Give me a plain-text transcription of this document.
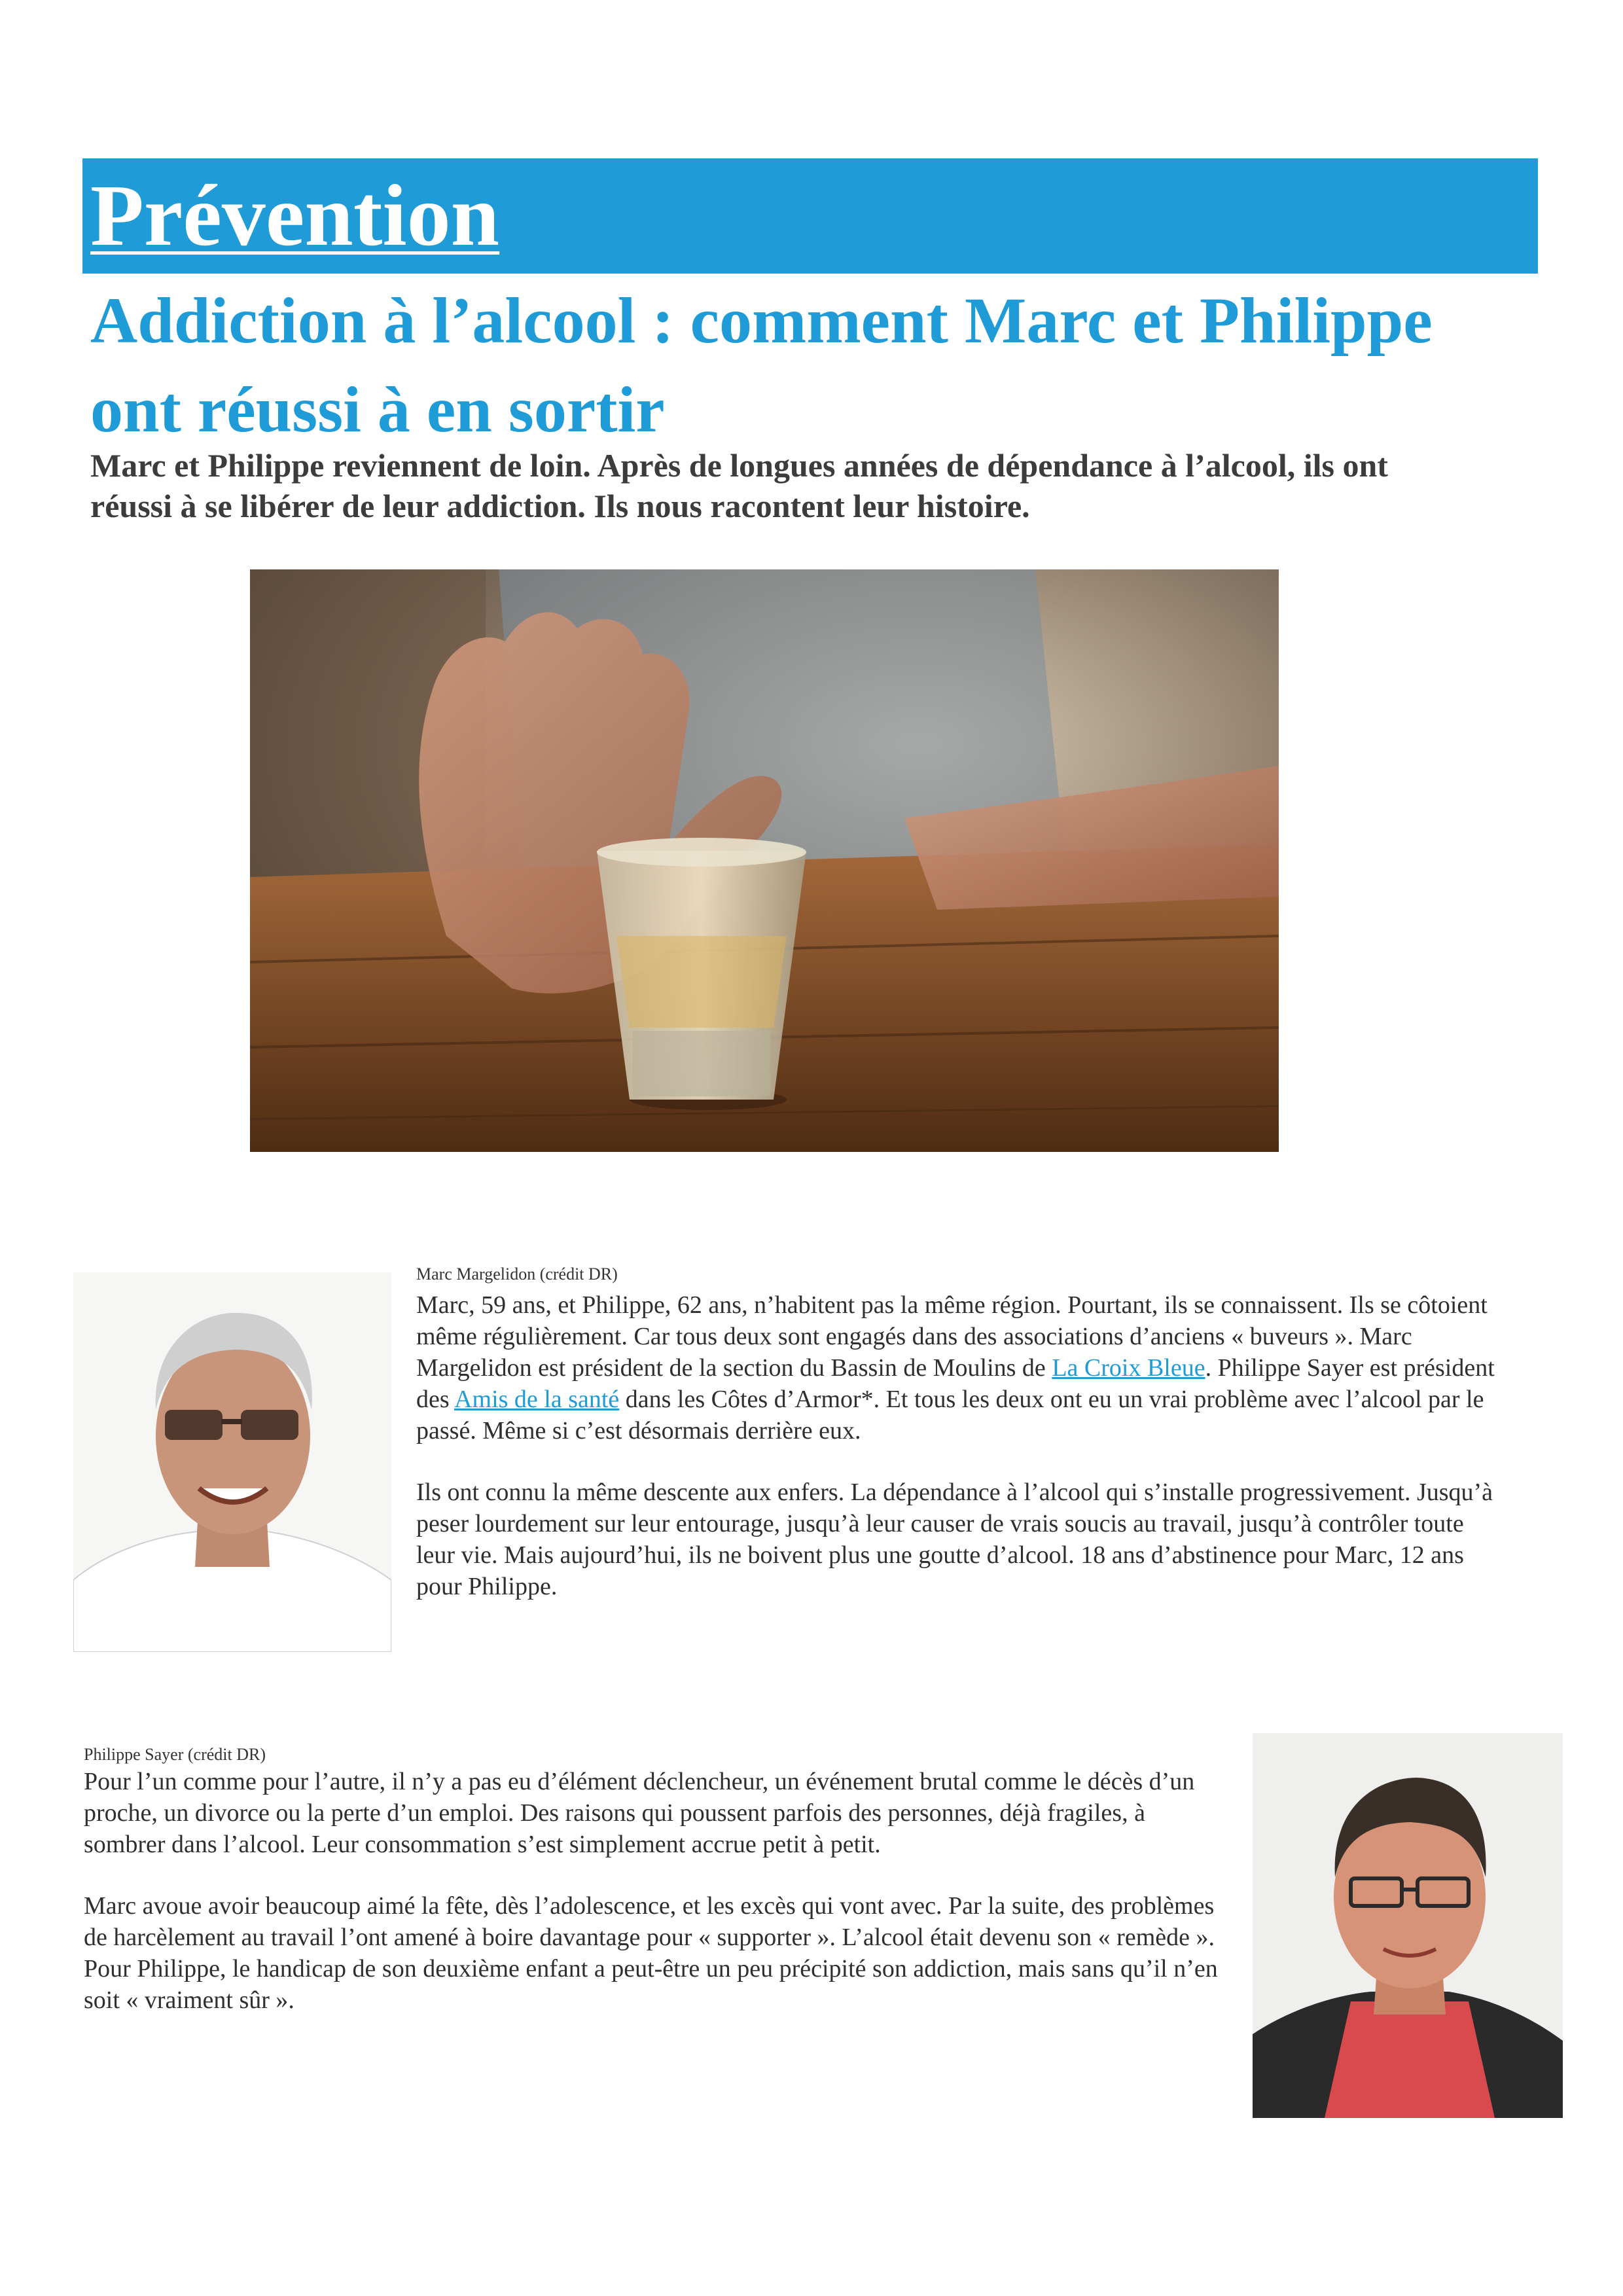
Prévention
Addiction à l’alcool : comment Marc et Philippe ont réussi à en sortir

Marc et Philippe reviennent de loin. Après de longues années de dépendance à l’alcool, ils ont réussi à se libérer de leur addiction. Ils nous racontent leur histoire.

Marc Margelidon (crédit DR)

Marc, 59 ans, et Philippe, 62 ans, n’habitent pas la même région. Pourtant, ils se connaissent. Ils se côtoient même régulièrement. Car tous deux sont engagés dans des associations d’anciens « buveurs ». Marc Margelidon est président de la section du Bassin de Moulins de La Croix Bleue. Philippe Sayer est président des Amis de la santé dans les Côtes d’Armor*. Et tous les deux ont eu un vrai problème avec l’alcool par le passé. Même si c’est désormais derrière eux.

Ils ont connu la même descente aux enfers. La dépendance à l’alcool qui s’installe progressivement. Jusqu’à peser lourdement sur leur entourage, jusqu’à leur causer de vrais soucis au travail, jusqu’à contrôler toute leur vie. Mais aujourd’hui, ils ne boivent plus une goutte d’alcool. 18 ans d’abstinence pour Marc, 12 ans pour Philippe.

Philippe Sayer (crédit DR)

Pour l’un comme pour l’autre, il n’y a pas eu d’élément déclencheur, un événement brutal comme le décès d’un proche, un divorce ou la perte d’un emploi. Des raisons qui poussent parfois des personnes, déjà fragiles, à sombrer dans l’alcool. Leur consommation s’est simplement accrue petit à petit.

Marc avoue avoir beaucoup aimé la fête, dès l’adolescence, et les excès qui vont avec. Par la suite, des problèmes de harcèlement au travail l’ont amené à boire davantage pour « supporter ». L’alcool était devenu son « remède ». Pour Philippe, le handicap de son deuxième enfant a peut-être un peu précipité son addiction, mais sans qu’il n’en soit « vraiment sûr ».
